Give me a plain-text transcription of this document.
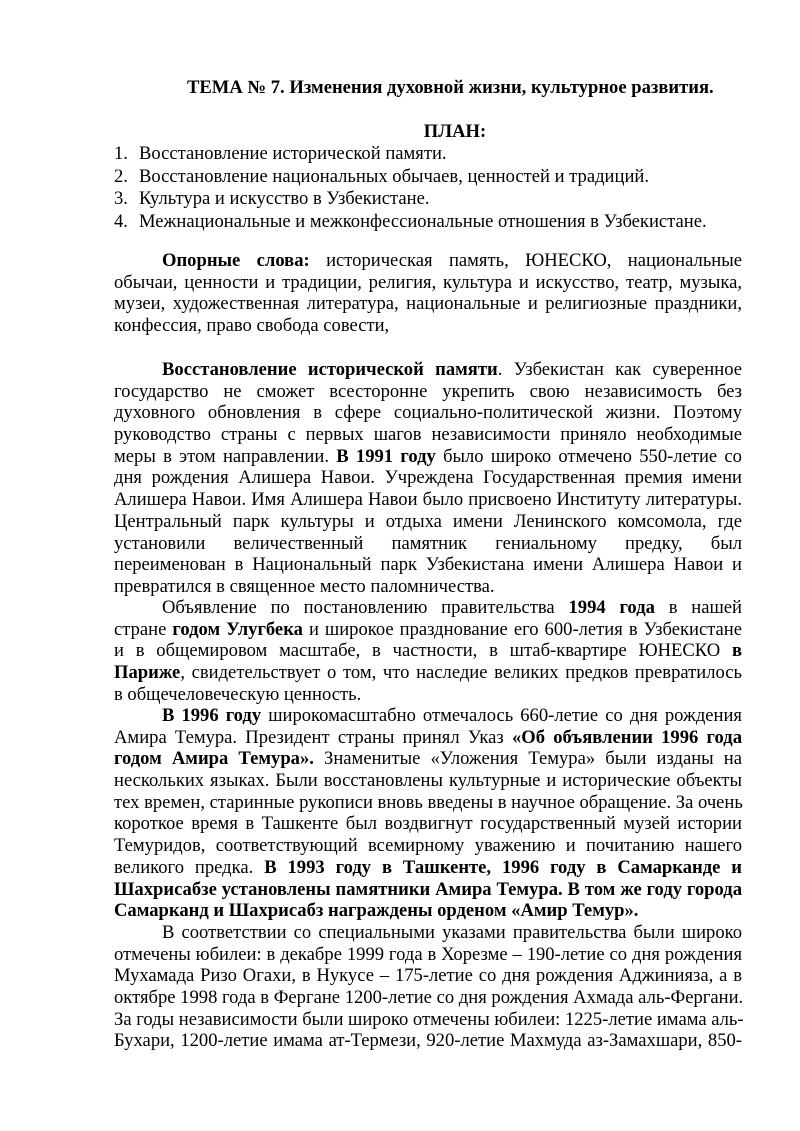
ТЕМА № 7. Изменения духовной жизни, культурное развития.
ПЛАН:
1. Восстановление исторической памяти.
2. Восстановление национальных обычаев, ценностей и традиций.
3. Культура и искусство в Узбекистане.
4. Межнациональные и межконфессиональные отношения в Узбекистане.
Опорные слова: историческая память, ЮНЕСКО, национальные
обычаи, ценности и традиции, религия, культура и искусство, театр, музыка,
музеи, художественная литература, национальные и религиозные праздники,
конфессия, право свобода совести,
Восстановление исторической памяти. Узбекистан как суверенное
государство не сможет всесторонне укрепить свою независимость без
духовного обновления в сфере социально-политической жизни. Поэтому
руководство страны с первых шагов независимости приняло необходимые
меры в этом направлении. В 1991 году было широко отмечено 550-летие со
дня рождения Алишера Навои. Учреждена Государственная премия имени
Алишера Навои. Имя Алишера Навои было присвоено Институту литературы.
Центральный парк культуры и отдыха имени Ленинского комсомола, где
установили величественный памятник гениальному предку, был
переименован в Национальный парк Узбекистана имени Алишера Навои и
превратился в священное место паломничества.
Объявление по постановлению правительства 1994 года в нашей
стране годом Улугбека и широкое празднование его 600-летия в Узбекистане
и в общемировом масштабе, в частности, в штаб-квартире ЮНЕСКО в
Париже, свидетельствует о том, что наследие великих предков превратилось
в общечеловеческую ценность.
В 1996 году широкомасштабно отмечалось 660-летие со дня рождения
Амира Темура. Президент страны принял Указ «Об объявлении 1996 года
годом Амира Темура». Знаменитые «Уложения Темура» были изданы на
нескольких языках. Были восстановлены культурные и исторические объекты
тех времен, старинные рукописи вновь введены в научное обращение. За очень
короткое время в Ташкенте был воздвигнут государственный музей истории
Темуридов, соответствующий всемирному уважению и почитанию нашего
великого предка. В 1993 году в Ташкенте, 1996 году в Самарканде и
Шахрисабзе установлены памятники Амира Темура. В том же году города
Самарканд и Шахрисабз награждены орденом «Амир Темур».
В соответствии со специальными указами правительства были широко
отмечены юбилеи: в декабре 1999 года в Хорезме – 190-летие со дня рождения
Мухамада Ризо Огахи, в Нукусе – 175-летие со дня рождения Аджинияза, а в
октябре 1998 года в Фергане 1200-летие со дня рождения Ахмада аль-Фергани.
За годы независимости были широко отмечены юбилеи: 1225-летие имама аль-
Бухари, 1200-летие имама ат-Термези, 920-летие Махмуда аз-Замахшари, 850-
